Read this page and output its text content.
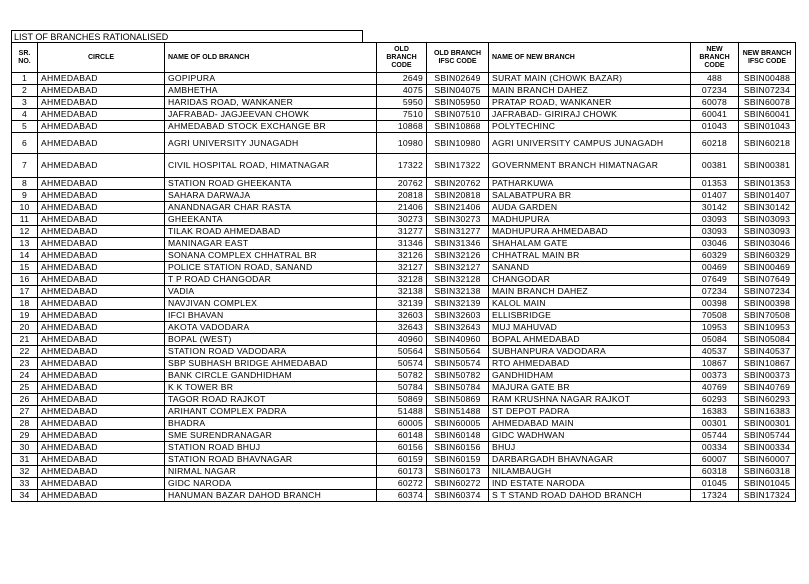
LIST OF BRANCHES RATIONALISED
SR. NO.	CIRCLE	NAME OF OLD BRANCH	OLD BRANCH CODE	OLD BRANCH IFSC CODE	NAME OF NEW BRANCH	NEW BRANCH CODE	NEW BRANCH IFSC CODE
1	AHMEDABAD	GOPIPURA	2649	SBIN02649	SURAT MAIN (CHOWK BAZAR)	488	SBIN00488
2	AHMEDABAD	AMBHETHA	4075	SBIN04075	MAIN BRANCH DAHEZ	07234	SBIN07234
3	AHMEDABAD	HARIDAS ROAD, WANKANER	5950	SBIN05950	PRATAP ROAD, WANKANER	60078	SBIN60078
4	AHMEDABAD	JAFRABAD- JAGJEEVAN CHOWK	7510	SBIN07510	JAFRABAD- GIRIRAJ CHOWK	60041	SBIN60041
5	AHMEDABAD	AHMEDABAD STOCK EXCHANGE BR	10868	SBIN10868	POLYTECHINC	01043	SBIN01043
6	AHMEDABAD	AGRI UNIVERSITY JUNAGADH	10980	SBIN10980	AGRI UNIVERSITY CAMPUS JUNAGADH	60218	SBIN60218
7	AHMEDABAD	CIVIL HOSPITAL ROAD, HIMATNAGAR	17322	SBIN17322	GOVERNMENT BRANCH HIMATNAGAR	00381	SBIN00381
8	AHMEDABAD	STATION ROAD GHEEKANTA	20762	SBIN20762	PATHARKUWA	01353	SBIN01353
9	AHMEDABAD	SAHARA DARWAJA	20818	SBIN20818	SALABATPURA BR	01407	SBIN01407
10	AHMEDABAD	ANANDNAGAR CHAR RASTA	21406	SBIN21406	AUDA GARDEN	30142	SBIN30142
11	AHMEDABAD	GHEEKANTA	30273	SBIN30273	MADHUPURA	03093	SBIN03093
12	AHMEDABAD	TILAK ROAD AHMEDABAD	31277	SBIN31277	MADHUPURA AHMEDABAD	03093	SBIN03093
13	AHMEDABAD	MANINAGAR EAST	31346	SBIN31346	SHAHALAM GATE	03046	SBIN03046
14	AHMEDABAD	SONANA COMPLEX CHHATRAL BR	32126	SBIN32126	CHHATRAL MAIN BR	60329	SBIN60329
15	AHMEDABAD	POLICE STATION ROAD, SANAND	32127	SBIN32127	SANAND	00469	SBIN00469
16	AHMEDABAD	T P ROAD CHANGODAR	32128	SBIN32128	CHANGODAR	07649	SBIN07649
17	AHMEDABAD	VADIA	32138	SBIN32138	MAIN BRANCH DAHEZ	07234	SBIN07234
18	AHMEDABAD	NAVJIVAN COMPLEX	32139	SBIN32139	KALOL MAIN	00398	SBIN00398
19	AHMEDABAD	IFCI BHAVAN	32603	SBIN32603	ELLISBRIDGE	70508	SBIN70508
20	AHMEDABAD	AKOTA VADODARA	32643	SBIN32643	MUJ MAHUVAD	10953	SBIN10953
21	AHMEDABAD	BOPAL (WEST)	40960	SBIN40960	BOPAL AHMEDABAD	05084	SBIN05084
22	AHMEDABAD	STATION ROAD VADODARA	50564	SBIN50564	SUBHANPURA VADODARA	40537	SBIN40537
23	AHMEDABAD	SBP SUBHASH BRIDGE AHMEDABAD	50574	SBIN50574	RTO AHMEDABAD	10867	SBIN10867
24	AHMEDABAD	BANK CIRCLE GANDHIDHAM	50782	SBIN50782	GANDHIDHAM	00373	SBIN00373
25	AHMEDABAD	K K TOWER BR	50784	SBIN50784	MAJURA GATE BR	40769	SBIN40769
26	AHMEDABAD	TAGOR ROAD RAJKOT	50869	SBIN50869	RAM KRUSHNA NAGAR RAJKOT	60293	SBIN60293
27	AHMEDABAD	ARIHANT COMPLEX PADRA	51488	SBIN51488	ST DEPOT PADRA	16383	SBIN16383
28	AHMEDABAD	BHADRA	60005	SBIN60005	AHMEDABAD MAIN	00301	SBIN00301
29	AHMEDABAD	SME SURENDRANAGAR	60148	SBIN60148	GIDC WADHWAN	05744	SBIN05744
30	AHMEDABAD	STATION ROAD BHUJ	60156	SBIN60156	BHUJ	00334	SBIN00334
31	AHMEDABAD	STATION ROAD BHAVNAGAR	60159	SBIN60159	DARBARGADH BHAVNAGAR	60007	SBIN60007
32	AHMEDABAD	NIRMAL NAGAR	60173	SBIN60173	NILAMBAUGH	60318	SBIN60318
33	AHMEDABAD	GIDC NARODA	60272	SBIN60272	IND ESTATE NARODA	01045	SBIN01045
34	AHMEDABAD	HANUMAN BAZAR DAHOD BRANCH	60374	SBIN60374	S T STAND ROAD DAHOD BRANCH	17324	SBIN17324
